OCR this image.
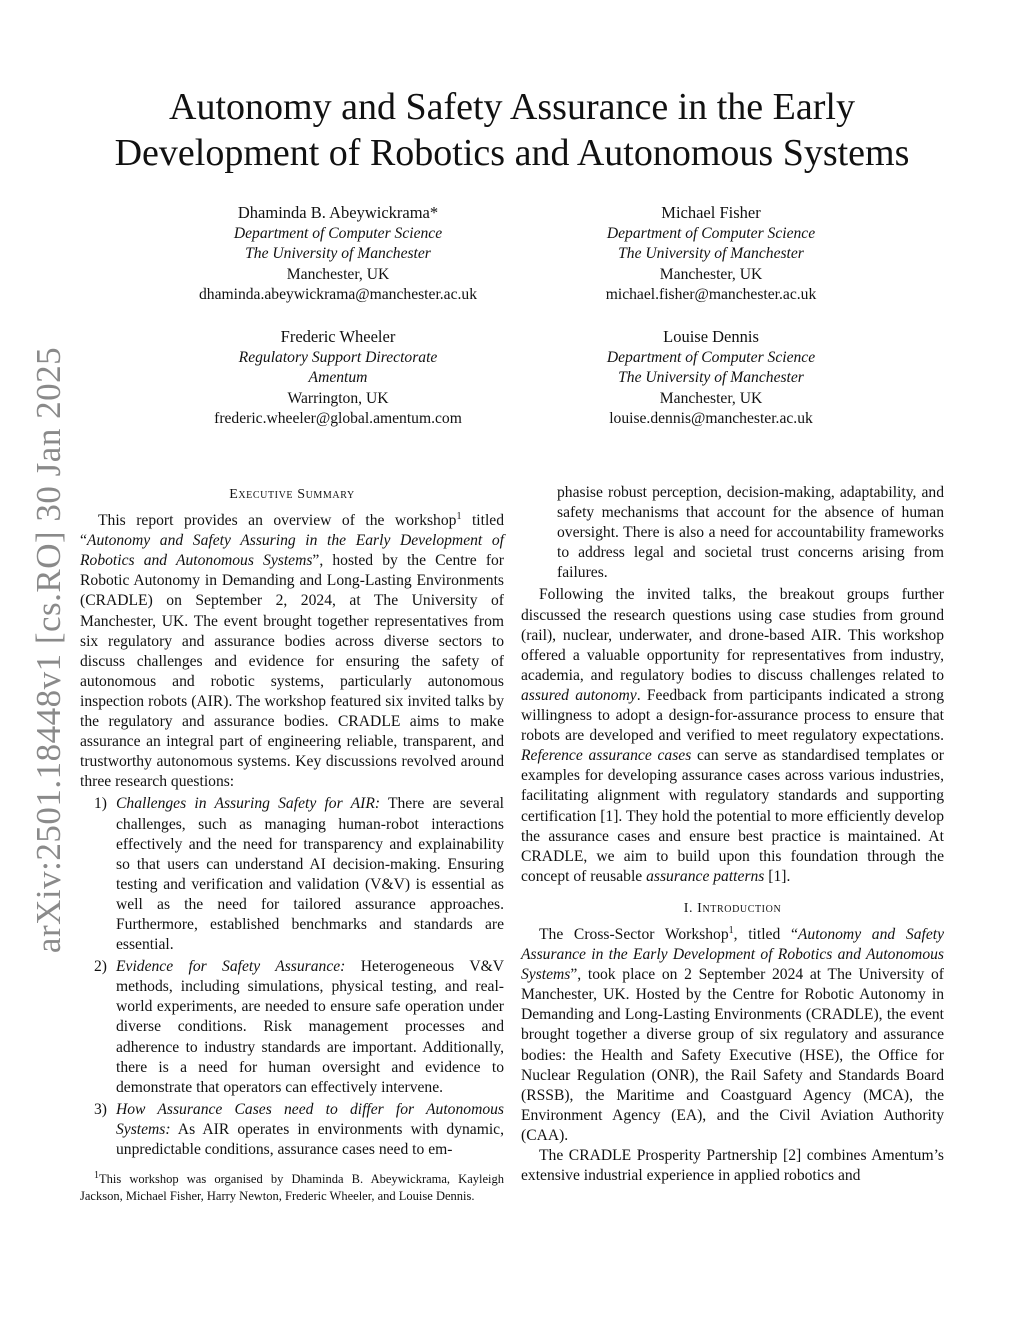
arXiv:2501.18448v1 [cs.RO] 30 Jan 2025
Autonomy and Safety Assurance in the Early
Development of Robotics and Autonomous Systems
Dhaminda B. Abeywickrama*
Department of Computer Science
The University of Manchester
Manchester, UK
dhaminda.abeywickrama@manchester.ac.uk
Michael Fisher
Department of Computer Science
The University of Manchester
Manchester, UK
michael.fisher@manchester.ac.uk
Frederic Wheeler
Regulatory Support Directorate
Amentum
Warrington, UK
frederic.wheeler@global.amentum.com
Louise Dennis
Department of Computer Science
The University of Manchester
Manchester, UK
louise.dennis@manchester.ac.uk
Executive Summary

This report provides an overview of the workshop$^1$ titled “Autonomy and Safety Assuring in the Early Development of Robotics and Autonomous Systems”, hosted by the Centre for Robotic Autonomy in Demanding and Long-Lasting Environments (CRADLE) on September 2, 2024, at The University of Manchester, UK. The event brought together representatives from six regulatory and assurance bodies across diverse sectors to discuss challenges and evidence for ensuring the safety of autonomous and robotic systems, particularly autonomous inspection robots (AIR). The workshop featured six invited talks by the regulatory and assurance bodies. CRADLE aims to make assurance an integral part of engineering reliable, transparent, and trustworthy autonomous systems. Key discussions revolved around three research questions:

1) Challenges in Assuring Safety for AIR: There are several challenges, such as managing human-robot interactions effectively and the need for transparency and explainability so that users can understand AI decision-making. Ensuring testing and verification and validation (V&V) is essential as well as the need for tailored assurance approaches. Furthermore, established benchmarks and standards are essential.
2) Evidence for Safety Assurance: Heterogeneous V&V methods, including simulations, physical testing, and real-world experiments, are needed to ensure safe operation under diverse conditions. Risk management processes and adherence to industry standards are important. Additionally, there is a need for human oversight and evidence to demonstrate that operators can effectively intervene.
3) How Assurance Cases need to differ for Autonomous Systems: As AIR operates in environments with dynamic, unpredictable conditions, assurance cases need to em-
$^1$This workshop was organised by Dhaminda B. Abeywickrama, Kayleigh Jackson, Michael Fisher, Harry Newton, Frederic Wheeler, and Louise Dennis.

phasise robust perception, decision-making, adaptability, and safety mechanisms that account for the absence of human oversight. There is also a need for accountability frameworks to address legal and societal trust concerns arising from failures.

Following the invited talks, the breakout groups further discussed the research questions using case studies from ground (rail), nuclear, underwater, and drone-based AIR. This workshop offered a valuable opportunity for representatives from industry, academia, and regulatory bodies to discuss challenges related to assured autonomy. Feedback from participants indicated a strong willingness to adopt a design-for-assurance process to ensure that robots are developed and verified to meet regulatory expectations. Reference assurance cases can serve as standardised templates or examples for developing assurance cases across various industries, facilitating alignment with regulatory standards and supporting certification [1]. They hold the potential to more efficiently develop the assurance cases and ensure best practice is maintained. At CRADLE, we aim to build upon this foundation through the concept of reusable assurance patterns [1].

I. Introduction

The Cross-Sector Workshop$^1$, titled “Autonomy and Safety Assurance in the Early Development of Robotics and Autonomous Systems”, took place on 2 September 2024 at The University of Manchester, UK. Hosted by the Centre for Robotic Autonomy in Demanding and Long-Lasting Environments (CRADLE), the event brought together a diverse group of six regulatory and assurance bodies: the Health and Safety Executive (HSE), the Office for Nuclear Regulation (ONR), the Rail Safety and Standards Board (RSSB), the Maritime and Coastguard Agency (MCA), the Environment Agency (EA), and the Civil Aviation Authority (CAA).

The CRADLE Prosperity Partnership [2] combines Amentum’s extensive industrial experience in applied robotics and
